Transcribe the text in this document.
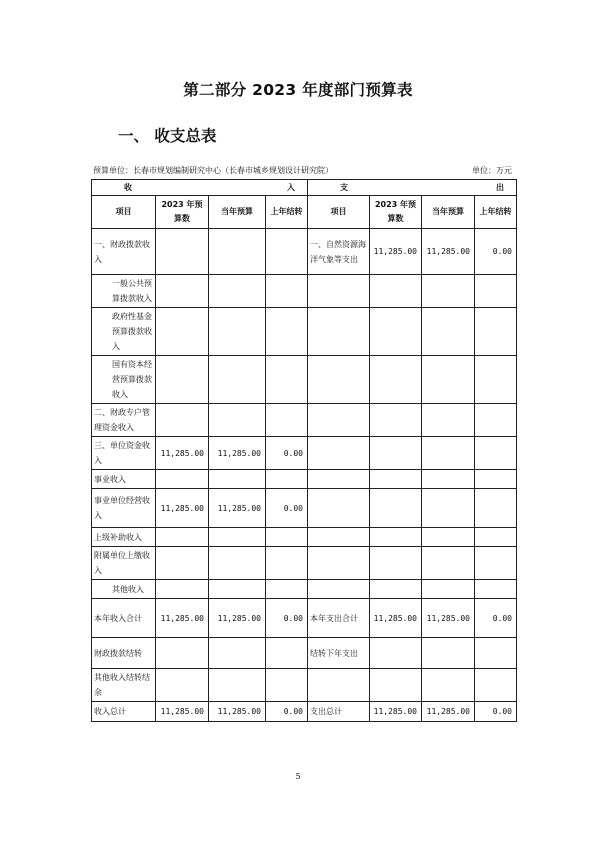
第二部分 2023 年度部门预算表
一、 收支总表
预算单位：长春市规划编制研究中心（长春市城乡规划设计研究院）	单位：万元
收 入				支 出			

项目	2023 年预算数	当年预算	上年结转	项目	2023 年预算数	当年预算	上年结转
一、财政拨款收入				一、自然资源海洋气象等支出	11,285.00	11,285.00	0.00
一般公共预算拨款收入							
政府性基金预算拨款收入							
国有资本经营预算拨款收入							
二、财政专户管理资金收入							
三、单位资金收入	11,285.00	11,285.00	0.00				
事业收入							
事业单位经营收入	11,285.00	11,285.00	0.00				
上级补助收入							
附属单位上缴收入							
其他收入							
本年收入合计	11,285.00	11,285.00	0.00	本年支出合计	11,285.00	11,285.00	0.00
财政拨款结转				结转下年支出			
其他收入结转结余							
收入总计	11,285.00	11,285.00	0.00	支出总计	11,285.00	11,285.00	0.00
5
